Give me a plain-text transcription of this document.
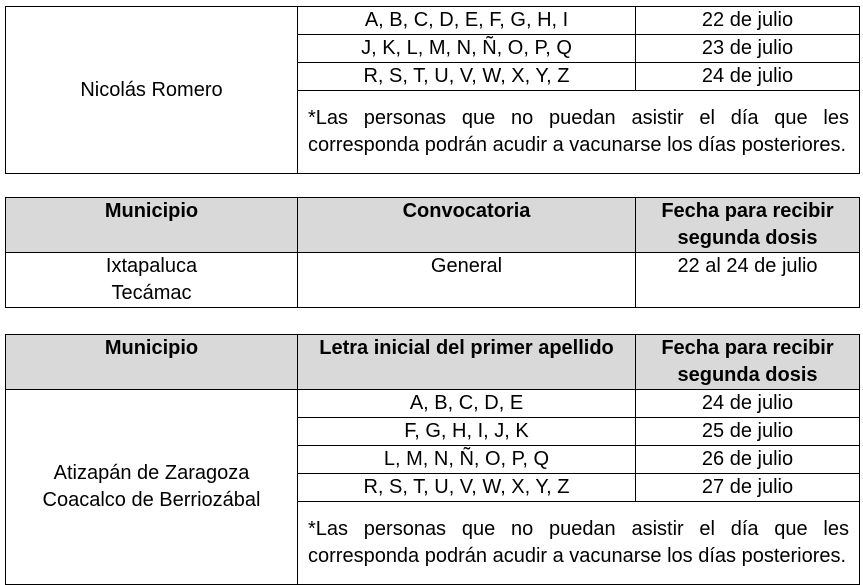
Nicolás Romero	A, B, C, D, E, F, G, H, I	22 de julio
	J, K, L, M, N, Ñ, O, P, Q	23 de julio
	R, S, T, U, V, W, X, Y, Z	24 de julio
	*Las personas que no puedan asistir el día que les corresponda podrán acudir a vacunarse los días posteriores.	
Municipio	Convocatoria	Fecha para recibir segunda dosis

Ixtapaluca
Tecámac	General	22 al 24 de julio
Municipio	Letra inicial del primer apellido	Fecha para recibir segunda dosis

Atizapán de Zaragoza
Coacalco de Berriozábal	A, B, C, D, E	24 de julio
	F, G, H, I, J, K	25 de julio
	L, M, N, Ñ, O, P, Q	26 de julio
	R, S, T, U, V, W, X, Y, Z	27 de julio
	*Las personas que no puedan asistir el día que les corresponda podrán acudir a vacunarse los días posteriores.	
